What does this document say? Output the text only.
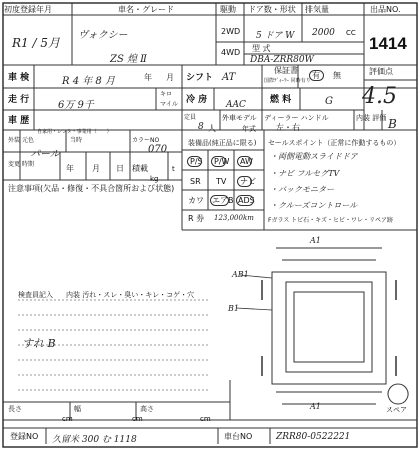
初度登録年月
R1 / 5月
車名・グレード
ヴォクシー
ZS 煌 Ⅱ
駆動
2WD
4WD
ドア数・形状
5 ドア W
排気量
2000 CC
型 式
DBA-ZRR80W
出品NO.
1414
車 検	R 4 年 8 月	年 月 シフト AT
保証書
国際ﾃﾞｨｰﾗｰ 同時有り
有 無	評価点
4.5
走 行	6万 9千
キロ
マイル 冷 房 AAC	燃 料	G
車 歴
自家用・レンタ・事業用（　　）
定員
8 人
外車モデル
年式
ディーラー ハンドル
左・右
内装 評価 B
外装 元色	当時	カラーNO
パール	070
変更 時期	年 月 日 積載
kg
t
注意事項(欠品・修復・不具合箇所および状態)
装備品(純正品に限る)
P/S P/W AW
SR TV ナビ
カワ エアB ADS
R 券 123,000km
セールスポイント（正常に作動するもの）
・両側電動スライドドア
・ナビ フルセグTV
・バックモニター
・クルーズコントロール
Fガラス トビ石・キズ・ヒビ・ワレ・リペア跡
検査員記入 内装 汚れ・スレ・臭い・キレ・コゲ・穴
すれ B
A1
AB1
B1
A1	スペア
長さ
cm
幅
cm
高さ
cm
登録NO 久留米 300 む 1118	車台NO	ZRR80-0522221
